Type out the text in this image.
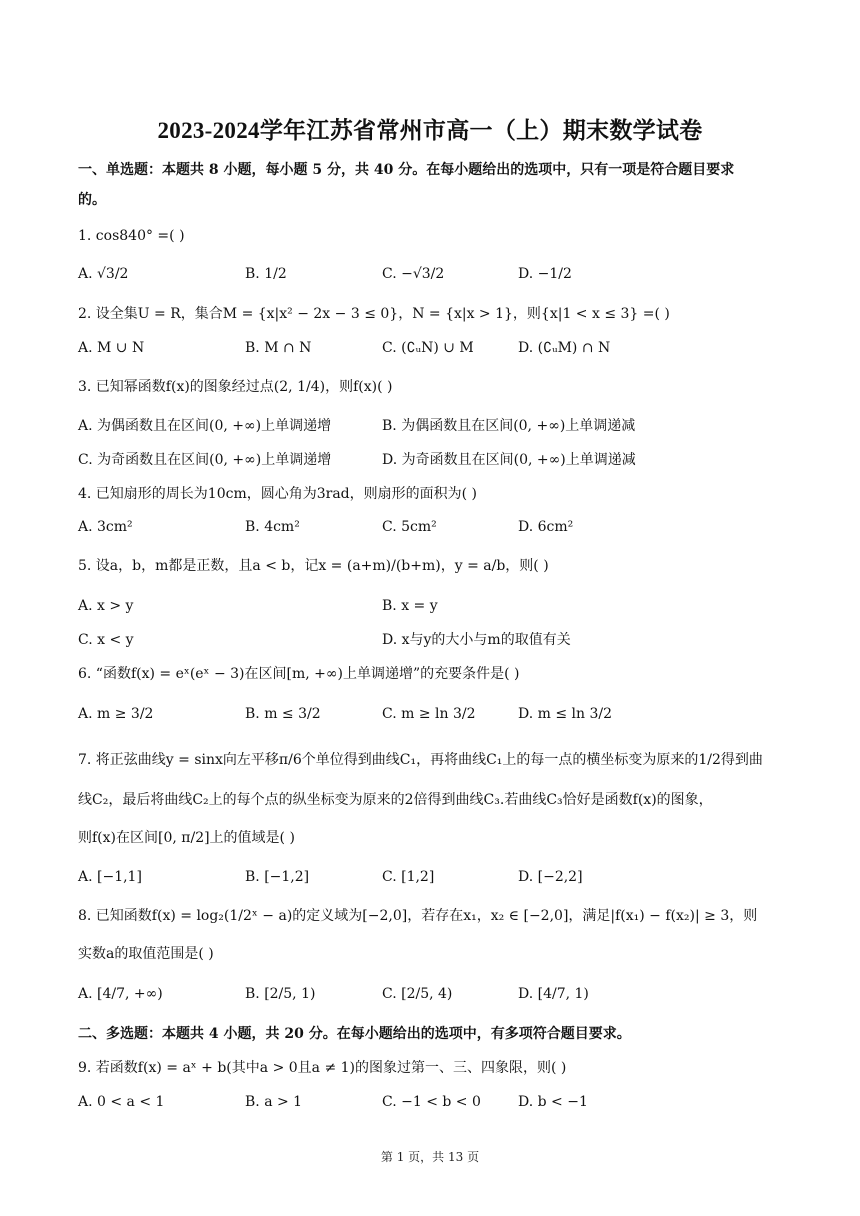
2023-2024学年江苏省常州市高一（上）期末数学试卷
一、单选题：本题共 8 小题，每小题 5 分，共 40 分。在每小题给出的选项中，只有一项是符合题目要求
的。
1. cos840° =( )
A. √3/2	B. 1/2	C. −√3/2	D. −1/2
2. 设全集U = R，集合M = {x|x² − 2x − 3 ≤ 0}，N = {x|x > 1}，则{x|1 < x ≤ 3} =( )
A. M ∪ N	B. M ∩ N	C. (∁ᵤN) ∪ M	D. (∁ᵤM) ∩ N
3. 已知幂函数f(x)的图象经过点(2, 1/4)，则f(x)( )
A. 为偶函数且在区间(0, +∞)上单调递增	B. 为偶函数且在区间(0, +∞)上单调递减
C. 为奇函数且在区间(0, +∞)上单调递增	D. 为奇函数且在区间(0, +∞)上单调递减
4. 已知扇形的周长为10cm，圆心角为3rad，则扇形的面积为( )
A. 3cm²	B. 4cm²	C. 5cm²	D. 6cm²
5. 设a，b，m都是正数，且a < b，记x = (a+m)/(b+m)，y = a/b，则( )
A. x > y	B. x = y
C. x < y	D. x与y的大小与m的取值有关
6. “函数f(x) = eˣ(eˣ − 3)在区间[m, +∞)上单调递增”的充要条件是( )
A. m ≥ 3/2	B. m ≤ 3/2	C. m ≥ ln 3/2	D. m ≤ ln 3/2
7. 将正弦曲线y = sinx向左平移π/6个单位得到曲线C₁，再将曲线C₁上的每一点的横坐标变为原来的1/2得到曲
线C₂，最后将曲线C₂上的每个点的纵坐标变为原来的2倍得到曲线C₃.若曲线C₃恰好是函数f(x)的图象，
则f(x)在区间[0, π/2]上的值域是( )
A. [−1,1]	B. [−1,2]	C. [1,2]	D. [−2,2]
8. 已知函数f(x) = log₂(1/2ˣ − a)的定义域为[−2,0]，若存在x₁，x₂ ∈ [−2,0]，满足|f(x₁) − f(x₂)| ≥ 3，则
实数a的取值范围是( )
A. [4/7, +∞)	B. [2/5, 1)	C. [2/5, 4)	D. [4/7, 1)
二、多选题：本题共 4 小题，共 20 分。在每小题给出的选项中，有多项符合题目要求。
9. 若函数f(x) = aˣ + b(其中a > 0且a ≠ 1)的图象过第一、三、四象限，则( )
A. 0 < a < 1	B. a > 1	C. −1 < b < 0	D. b < −1
第 1 页，共 13 页
